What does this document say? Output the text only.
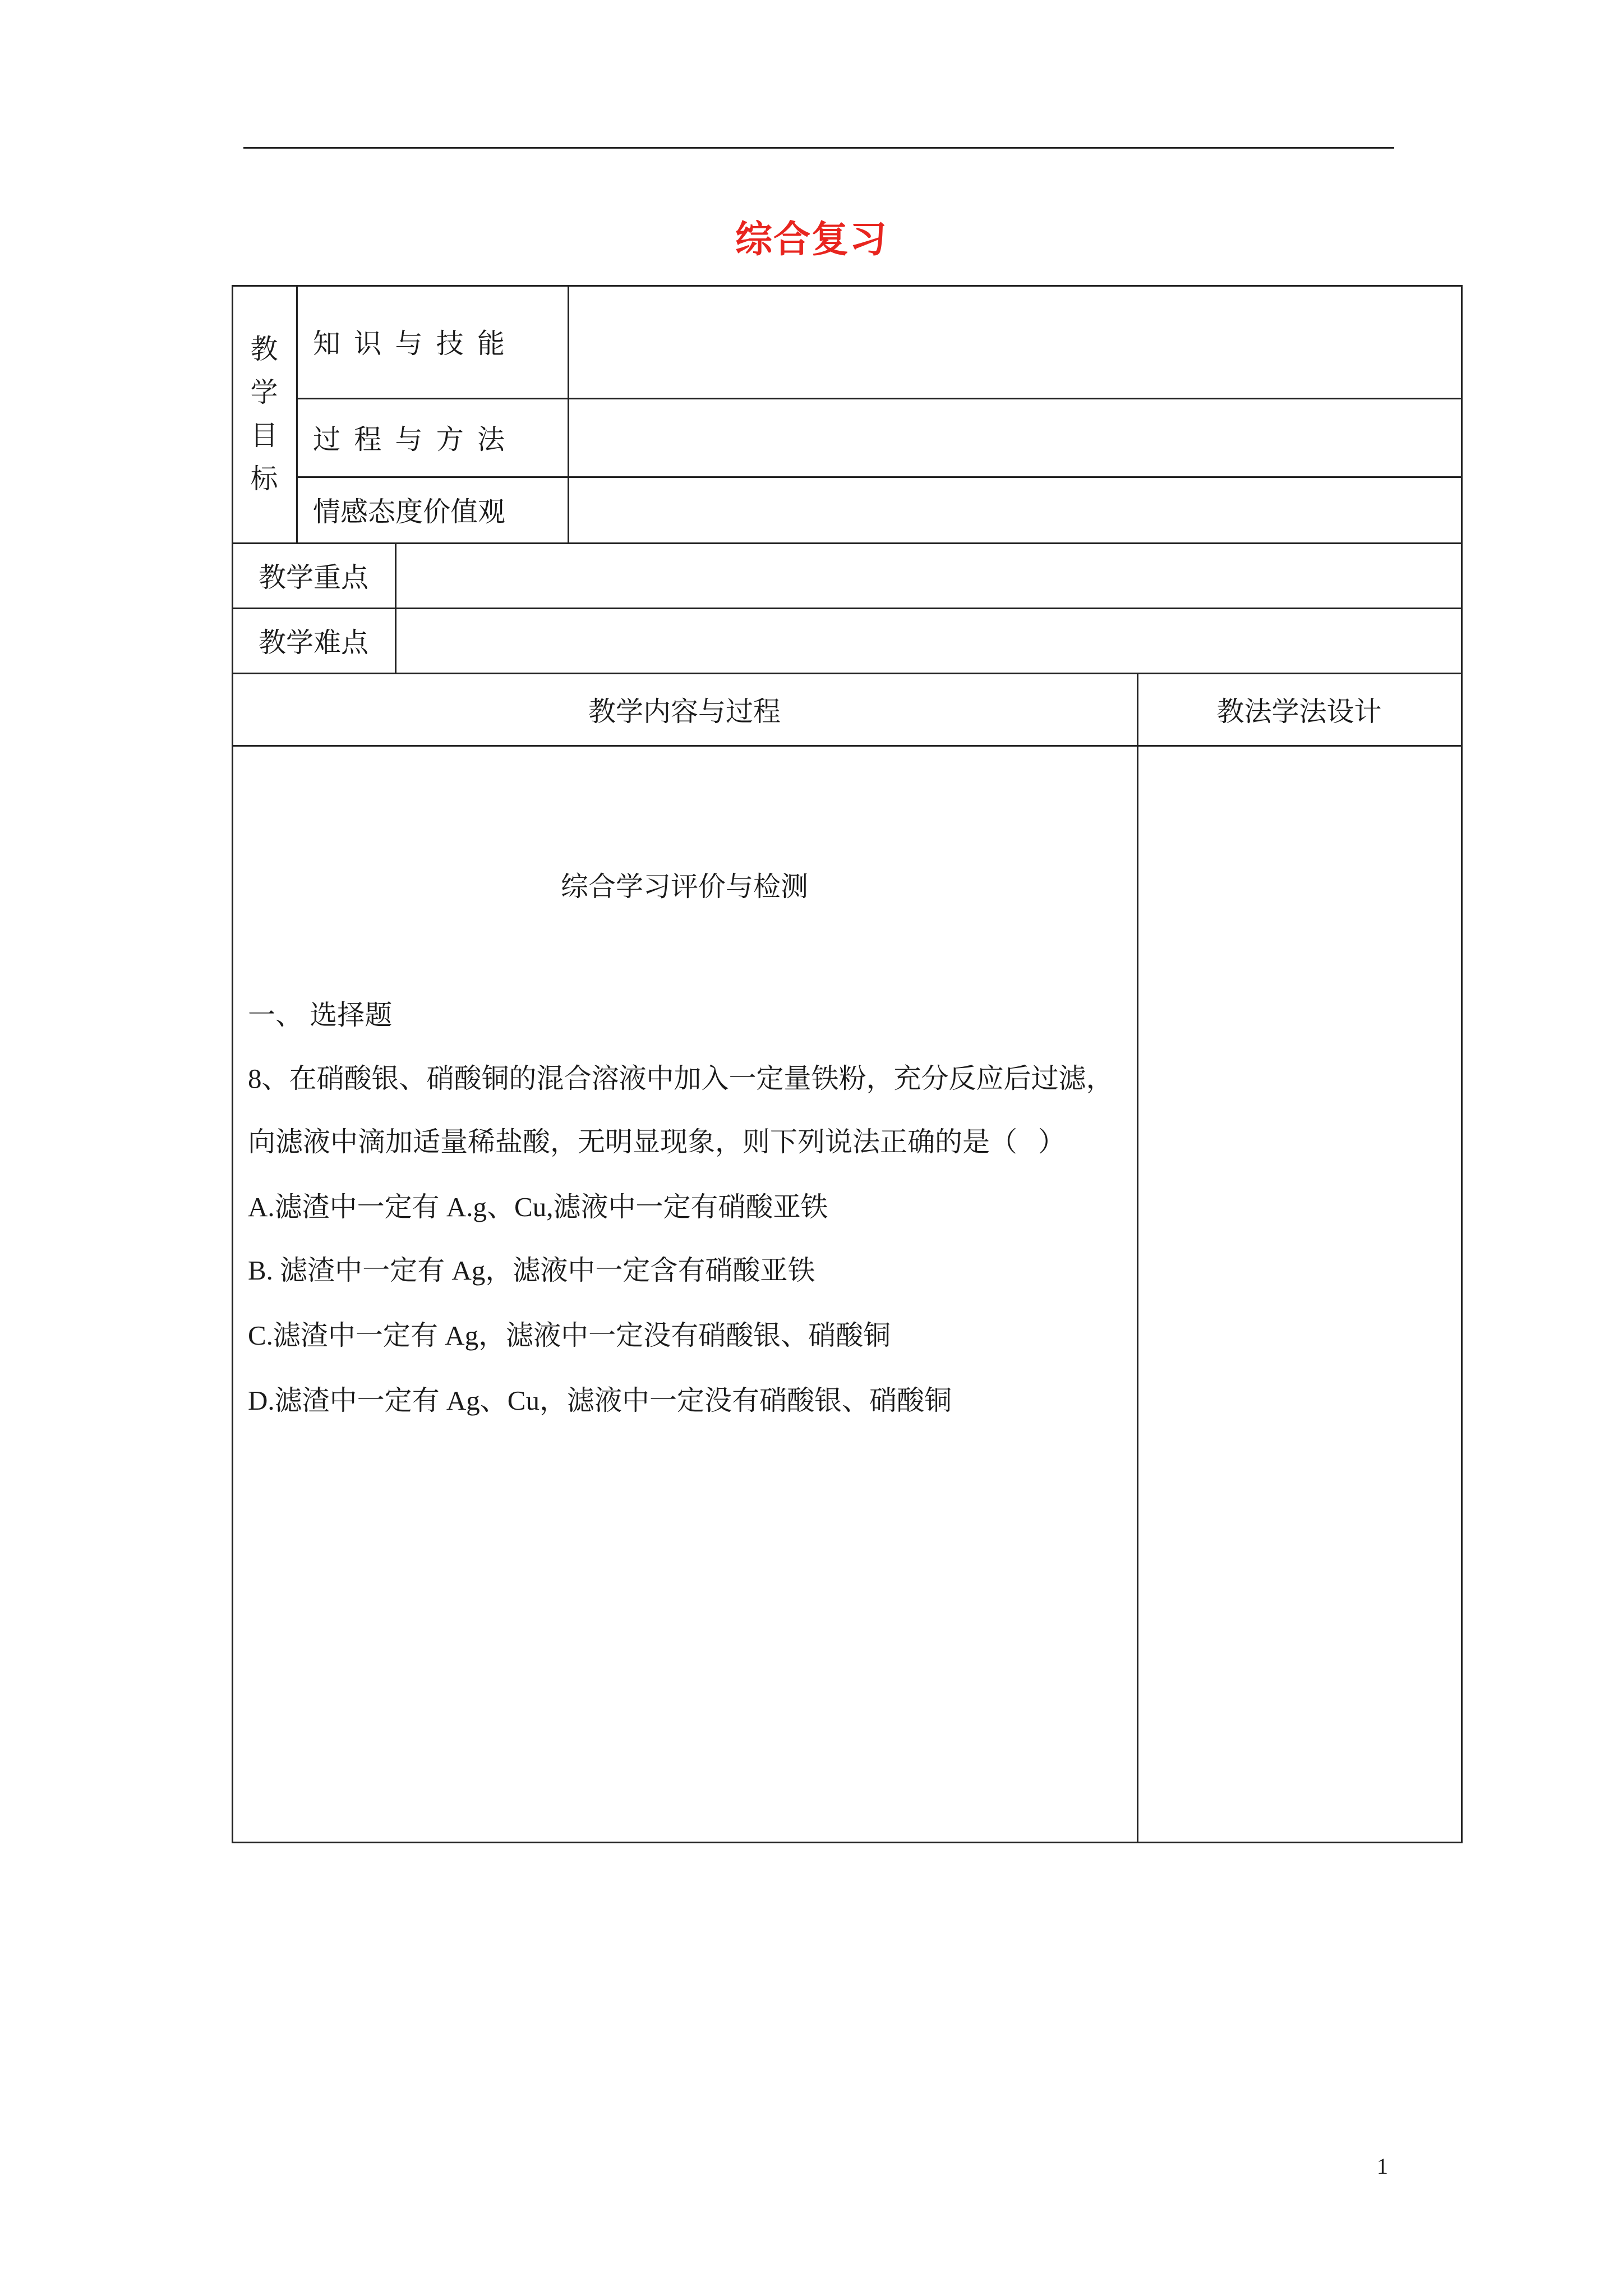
综合复习
教学目标
知 识 与 技 能
过 程 与 方 法
情感态度价值观
教学重点
教学难点
教学内容与过程	教法学法设计
综合学习评价与检测
一、 选择题
8、在硝酸银、硝酸铜的混合溶液中加入一定量铁粉，充分反应后过滤，
向滤液中滴加适量稀盐酸，无明显现象，则下列说法正确的是（   ）
A.滤渣中一定有 A.g、Cu,滤液中一定有硝酸亚铁
B. 滤渣中一定有 Ag，滤液中一定含有硝酸亚铁
C.滤渣中一定有 Ag，滤液中一定没有硝酸银、硝酸铜
D.滤渣中一定有 Ag、Cu，滤液中一定没有硝酸银、硝酸铜
1
